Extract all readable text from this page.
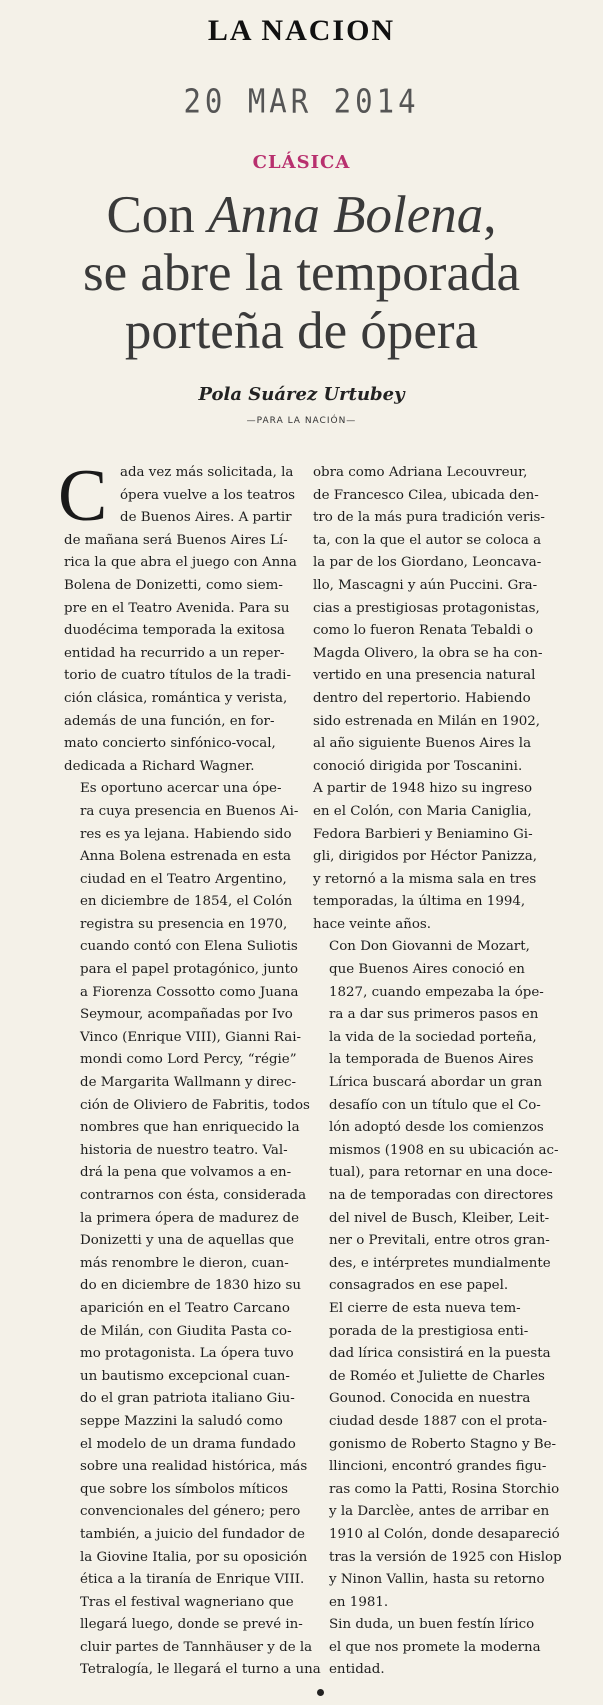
LA NACION
20 MAR 2014
CLÁSICA
Con Anna Bolena,
se abre la temporada
porteña de ópera
Pola Suárez Urtubey
—PARA LA NACIÓN—

C ada vez más solicitada, la
ópera vuelve a los teatros
de Buenos Aires. A partir
de mañana será Buenos Aires Lí-
rica la que abra el juego con Anna
Bolena de Donizetti, como siem-
pre en el Teatro Avenida. Para su
duodécima temporada la exitosa
entidad ha recurrido a un reper-
torio de cuatro títulos de la tradi-
ción clásica, romántica y verista,
además de una función, en for-
mato concierto sinfónico-vocal,
dedicada a Richard Wagner.

Es oportuno acercar una ópe-
ra cuya presencia en Buenos Ai-
res es ya lejana. Habiendo sido
Anna Bolena estrenada en esta
ciudad en el Teatro Argentino,
en diciembre de 1854, el Colón
registra su presencia en 1970,
cuando contó con Elena Suliotis
para el papel protagónico, junto
a Fiorenza Cossotto como Juana
Seymour, acompañadas por Ivo
Vinco (Enrique VIII), Gianni Rai-
mondi como Lord Percy, “régie”
de Margarita Wallmann y direc-
ción de Oliviero de Fabritis, todos
nombres que han enriquecido la
historia de nuestro teatro. Val-
drá la pena que volvamos a en-
contrarnos con ésta, considerada
la primera ópera de madurez de
Donizetti y una de aquellas que
más renombre le dieron, cuan-
do en diciembre de 1830 hizo su
aparición en el Teatro Carcano
de Milán, con Giudita Pasta co-
mo protagonista. La ópera tuvo
un bautismo excepcional cuan-
do el gran patriota italiano Giu-
seppe Mazzini la saludó como
el modelo de un drama fundado
sobre una realidad histórica, más
que sobre los símbolos míticos
convencionales del género; pero
también, a juicio del fundador de
la Giovine Italia, por su oposición
ética a la tiranía de Enrique VIII.

Tras el festival wagneriano que
llegará luego, donde se prevé in-
cluir partes de Tannhäuser y de la
Tetralogía, le llegará el turno a una

obra como Adriana Lecouvreur,
de Francesco Cilea, ubicada den-
tro de la más pura tradición veris-
ta, con la que el autor se coloca a
la par de los Giordano, Leoncava-
llo, Mascagni y aún Puccini. Gra-
cias a prestigiosas protagonistas,
como lo fueron Renata Tebaldi o
Magda Olivero, la obra se ha con-
vertido en una presencia natural
dentro del repertorio. Habiendo
sido estrenada en Milán en 1902,
al año siguiente Buenos Aires la
conoció dirigida por Toscanini.
A partir de 1948 hizo su ingreso
en el Colón, con Maria Caniglia,
Fedora Barbieri y Beniamino Gi-
gli, dirigidos por Héctor Panizza,
y retornó a la misma sala en tres
temporadas, la última en 1994,
hace veinte años.

Con Don Giovanni de Mozart,
que Buenos Aires conoció en
1827, cuando empezaba la ópe-
ra a dar sus primeros pasos en
la vida de la sociedad porteña,
la temporada de Buenos Aires
Lírica buscará abordar un gran
desafío con un título que el Co-
lón adoptó desde los comienzos
mismos (1908 en su ubicación ac-
tual), para retornar en una doce-
na de temporadas con directores
del nivel de Busch, Kleiber, Leit-
ner o Previtali, entre otros gran-
des, e intérpretes mundialmente
consagrados en ese papel.

El cierre de esta nueva tem-
porada de la prestigiosa enti-
dad lírica consistirá en la puesta
de Roméo et Juliette de Charles
Gounod. Conocida en nuestra
ciudad desde 1887 con el prota-
gonismo de Roberto Stagno y Be-
llincioni, encontró grandes figu-
ras como la Patti, Rosina Storchio
y la Darclèe, antes de arribar en
1910 al Colón, donde desapareció
tras la versión de 1925 con Hislop
y Ninon Vallin, hasta su retorno
en 1981.

Sin duda, un buen festín lírico
el que nos promete la moderna
entidad.
